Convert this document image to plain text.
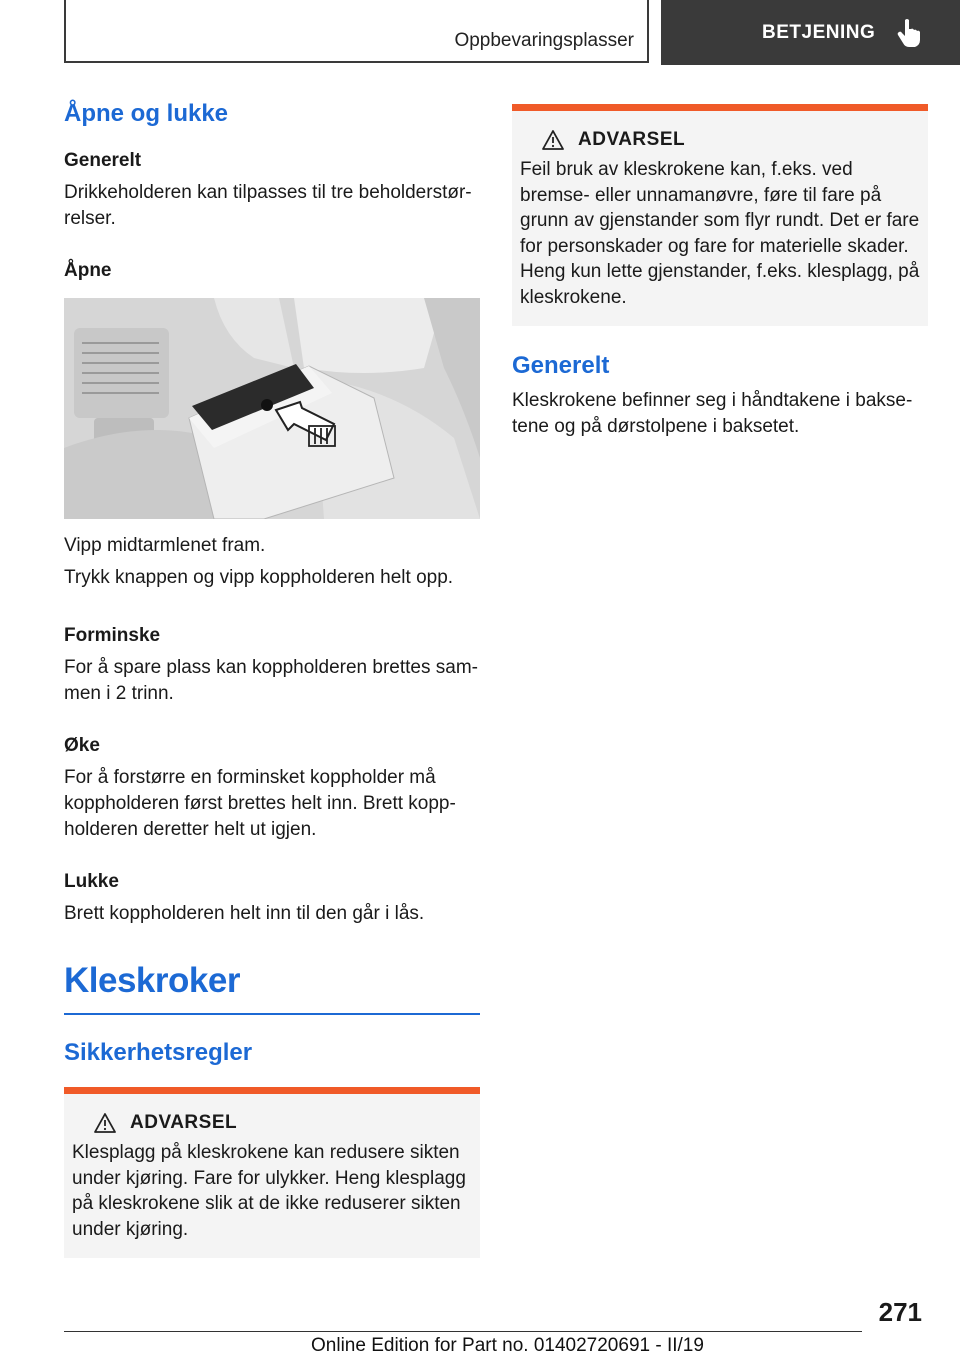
Oppbevaringsplasser	BETJENING
Åpne og lukke

Generelt

Drikkeholderen kan tilpasses til tre beholderstør-relser.

Åpne

Vipp midtarmlenet fram.

Trykk knappen og vipp koppholderen helt opp.

Forminske

For å spare plass kan koppholderen brettes sam-men i 2 trinn.

Øke

For å forstørre en forminsket koppholder må koppholderen først brettes helt inn. Brett kopp-holderen deretter helt ut igjen.

Lukke

Brett koppholderen helt inn til den går i lås.

Kleskroker
Sikkerhetsregler
ADVARSEL

Klesplagg på kleskrokene kan redusere sikten under kjøring. Fare for ulykker. Heng klesplagg på kleskrokene slik at de ikke reduserer sikten under kjøring.

ADVARSEL

Feil bruk av kleskrokene kan, f.eks. ved bremse- eller unnamanøvre, føre til fare på grunn av gjenstander som flyr rundt. Det er fare for personskader og fare for materielle skader. Heng kun lette gjenstander, f.eks. klesplagg, på kleskrokene.

Generelt

Kleskrokene befinner seg i håndtakene i bakse-tene og på dørstolpene i baksetet.

271
Online Edition for Part no. 01402720691 - II/19
